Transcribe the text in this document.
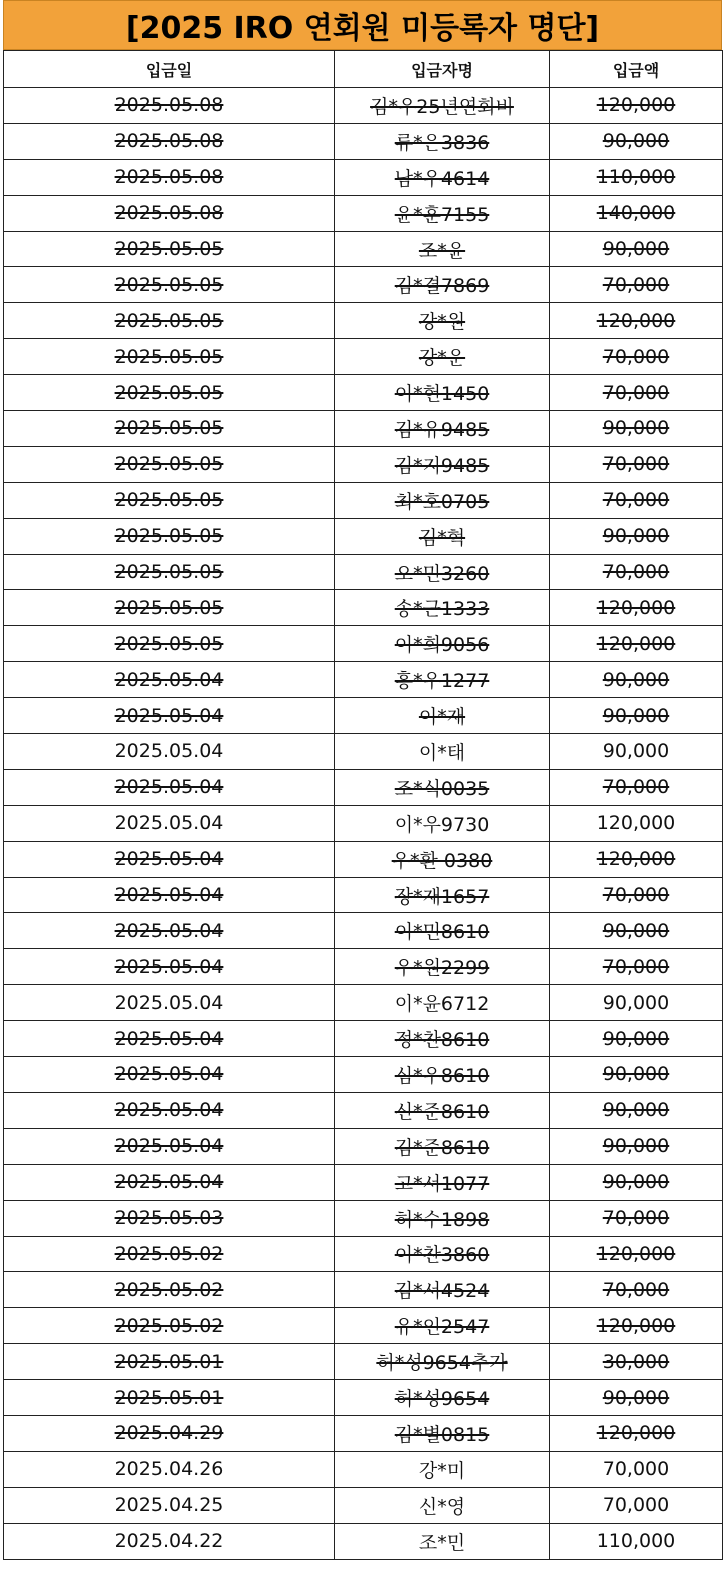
[2025 IRO 연회원 미등록자 명단]
입금일	입금자명	입금액
2025.05.08	김*우25년연회비	120,000
2025.05.08	류*은3836	90,000
2025.05.08	남*우4614	110,000
2025.05.08	윤*훈7155	140,000
2025.05.05	조*윤	90,000
2025.05.05	김*결7869	70,000
2025.05.05	강*원	120,000
2025.05.05	강*운	70,000
2025.05.05	이*헌1450	70,000
2025.05.05	김*유9485	90,000
2025.05.05	김*지9485	70,000
2025.05.05	최*호0705	70,000
2025.05.05	김*혁	90,000
2025.05.05	오*민3260	70,000
2025.05.05	송*근1333	120,000
2025.05.05	이*희9056	120,000
2025.05.04	홍*우1277	90,000
2025.05.04	이*재	90,000
2025.05.04	이*태	90,000
2025.05.04	조*식0035	70,000
2025.05.04	이*우9730	120,000
2025.05.04	우*환 0380	120,000
2025.05.04	장*재1657	70,000
2025.05.04	이*민8610	90,000
2025.05.04	우*원2299	70,000
2025.05.04	이*윤6712	90,000
2025.05.04	정*찬8610	90,000
2025.05.04	심*우8610	90,000
2025.05.04	신*준8610	90,000
2025.05.04	김*준8610	90,000
2025.05.04	고*서1077	90,000
2025.05.03	허*수1898	70,000
2025.05.02	이*찬3860	120,000
2025.05.02	김*서4524	70,000
2025.05.02	유*인2547	120,000
2025.05.01	허*성9654추가	30,000
2025.05.01	허*성9654	90,000
2025.04.29	김*별0815	120,000
2025.04.26	강*미	70,000
2025.04.25	신*영	70,000
2025.04.22	조*민	110,000
